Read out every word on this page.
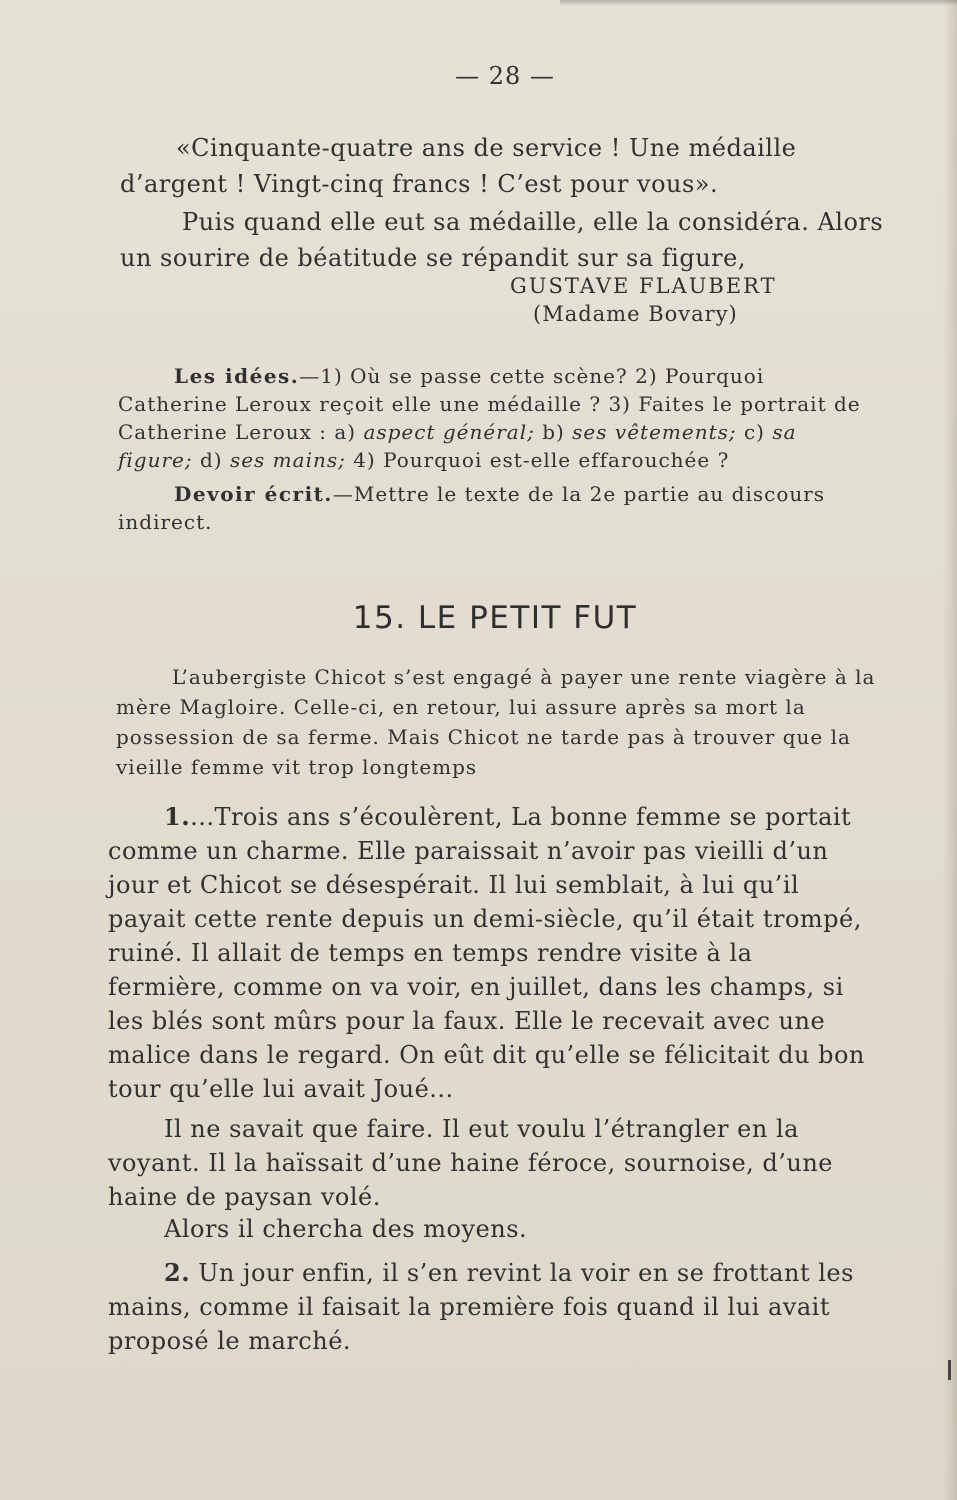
— 28 —

«Cinquante-quatre ans de service ! Une médaille d’argent ! Vingt-cinq francs ! C’est pour vous».

Puis quand elle eut sa médaille, elle la considéra. Alors un sourire de béatitude se répandit sur sa figure,

GUSTAVE FLAUBERT
(Madame Bovary)

Les idées.—1) Où se passe cette scène? 2) Pourquoi Catherine Leroux reçoit elle une médaille ? 3) Faites le portrait de Catherine Leroux : a) aspect général; b) ses vêtements; c) sa figure; d) ses mains; 4) Pourquoi est-elle effarouchée ?

Devoir écrit.—Mettre le texte de la 2e partie au discours indirect.

15. LE PETIT FUT

L’aubergiste Chicot s’est engagé à payer une rente viagère à la mère Magloire. Celle-ci, en retour, lui assure après sa mort la possession de sa ferme. Mais Chicot ne tarde pas à trouver que la vieille femme vit trop longtemps

1....Trois ans s’écoulèrent, La bonne femme se portait comme un charme. Elle paraissait n’avoir pas vieilli d’un jour et Chicot se désespérait. Il lui semblait, à lui qu’il payait cette rente depuis un demi-siècle, qu’il était trompé, ruiné. Il allait de temps en temps rendre visite à la fermière, comme on va voir, en juillet, dans les champs, si les blés sont mûrs pour la faux. Elle le recevait avec une malice dans le regard. On eût dit qu’elle se félicitait du bon tour qu’elle lui avait Joué...

Il ne savait que faire. Il eut voulu l’étrangler en la voyant. Il la haïssait d’une haine féroce, sournoise, d’une haine de paysan volé.

Alors il chercha des moyens.

2. Un jour enfin, il s’en revint la voir en se frottant les mains, comme il faisait la première fois quand il lui avait proposé le marché.
